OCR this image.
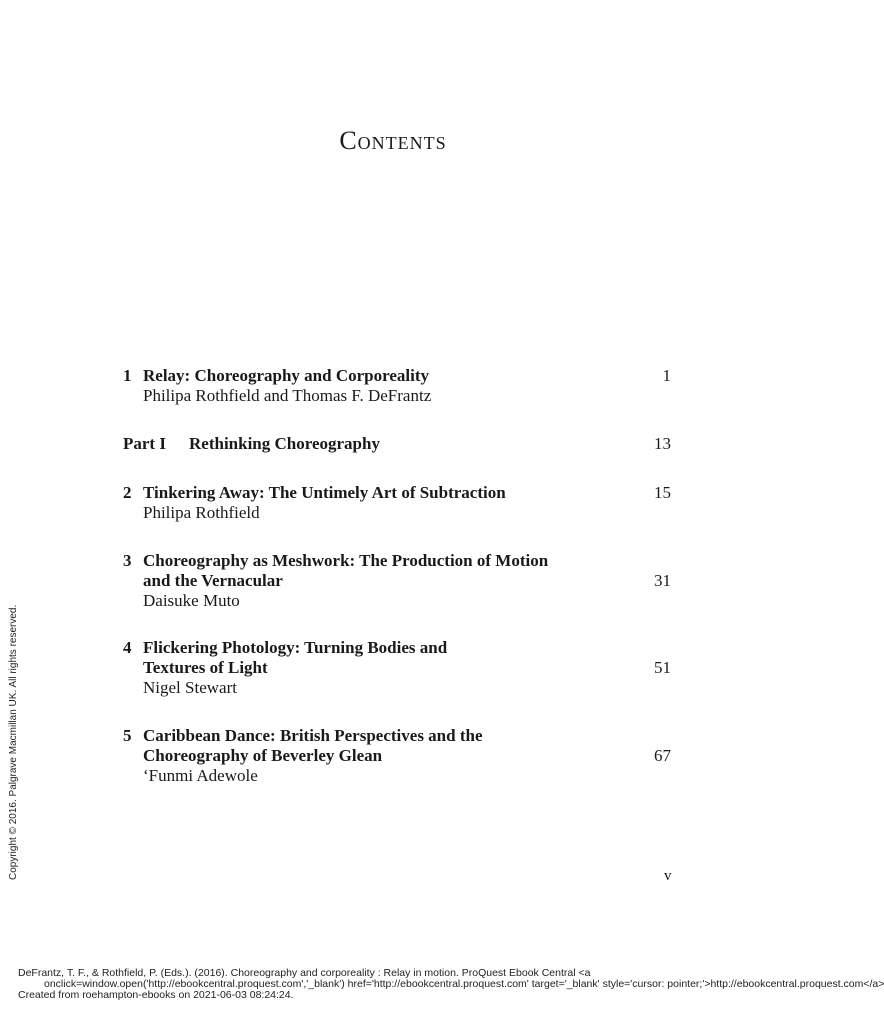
Contents
1 Relay: Choreography and Corporeality	1
Philipa Rothfield and Thomas F. DeFrantz
Part I Rethinking Choreography	13
2 Tinkering Away: The Untimely Art of Subtraction	15
Philipa Rothfield
3 Choreography as Meshwork: The Production of Motion
and the Vernacular	31
Daisuke Muto
4 Flickering Photology: Turning Bodies and
Textures of Light	51
Nigel Stewart
5 Caribbean Dance: British Perspectives and the
Choreography of Beverley Glean	67
‘Funmi Adewole
v
Copyright © 2016. Palgrave Macmillan UK. All rights reserved.
DeFrantz, T. F., & Rothfield, P. (Eds.). (2016). Choreography and corporeality : Relay in motion. ProQuest Ebook Central <a
onclick=window.open('http://ebookcentral.proquest.com','_blank') href='http://ebookcentral.proquest.com' target='_blank' style='cursor: pointer;'>http://ebookcentral.proquest.com</a>
Created from roehampton-ebooks on 2021-06-03 08:24:24.
